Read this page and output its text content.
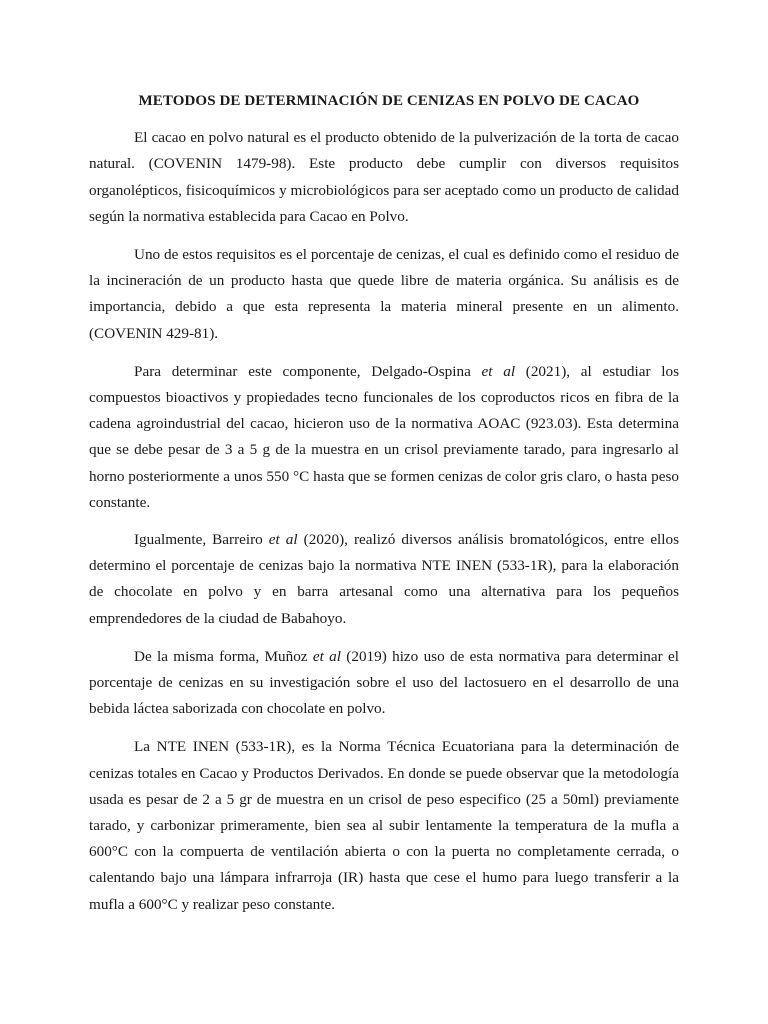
METODOS DE DETERMINACIÓN DE CENIZAS EN POLVO DE CACAO

El cacao en polvo natural es el producto obtenido de la pulverización de la torta de cacao natural. (COVENIN 1479-98). Este producto debe cumplir con diversos requisitos organolépticos, fisicoquímicos y microbiológicos para ser aceptado como un producto de calidad según la normativa establecida para Cacao en Polvo.

Uno de estos requisitos es el porcentaje de cenizas, el cual es definido como el residuo de la incineración de un producto hasta que quede libre de materia orgánica. Su análisis es de importancia, debido a que esta representa la materia mineral presente en un alimento. (COVENIN 429-81).

Para determinar este componente, Delgado-Ospina et al (2021), al estudiar los compuestos bioactivos y propiedades tecno funcionales de los coproductos ricos en fibra de la cadena agroindustrial del cacao, hicieron uso de la normativa AOAC (923.03). Esta determina que se debe pesar de 3 a 5 g de la muestra en un crisol previamente tarado, para ingresarlo al horno posteriormente a unos 550 °C hasta que se formen cenizas de color gris claro, o hasta peso constante.

Igualmente, Barreiro et al (2020), realizó diversos análisis bromatológicos, entre ellos determino el porcentaje de cenizas bajo la normativa NTE INEN (533-1R), para la elaboración de chocolate en polvo y en barra artesanal como una alternativa para los pequeños emprendedores de la ciudad de Babahoyo.

De la misma forma, Muñoz et al (2019) hizo uso de esta normativa para determinar el porcentaje de cenizas en su investigación sobre el uso del lactosuero en el desarrollo de una bebida láctea saborizada con chocolate en polvo.

La NTE INEN (533-1R), es la Norma Técnica Ecuatoriana para la determinación de cenizas totales en Cacao y Productos Derivados. En donde se puede observar que la metodología usada es pesar de 2 a 5 gr de muestra en un crisol de peso especifico (25 a 50ml) previamente tarado, y carbonizar primeramente, bien sea al subir lentamente la temperatura de la mufla a 600°C con la compuerta de ventilación abierta o con la puerta no completamente cerrada, o calentando bajo una lámpara infrarroja (IR) hasta que cese el humo para luego transferir a la mufla a 600°C y realizar peso constante.
